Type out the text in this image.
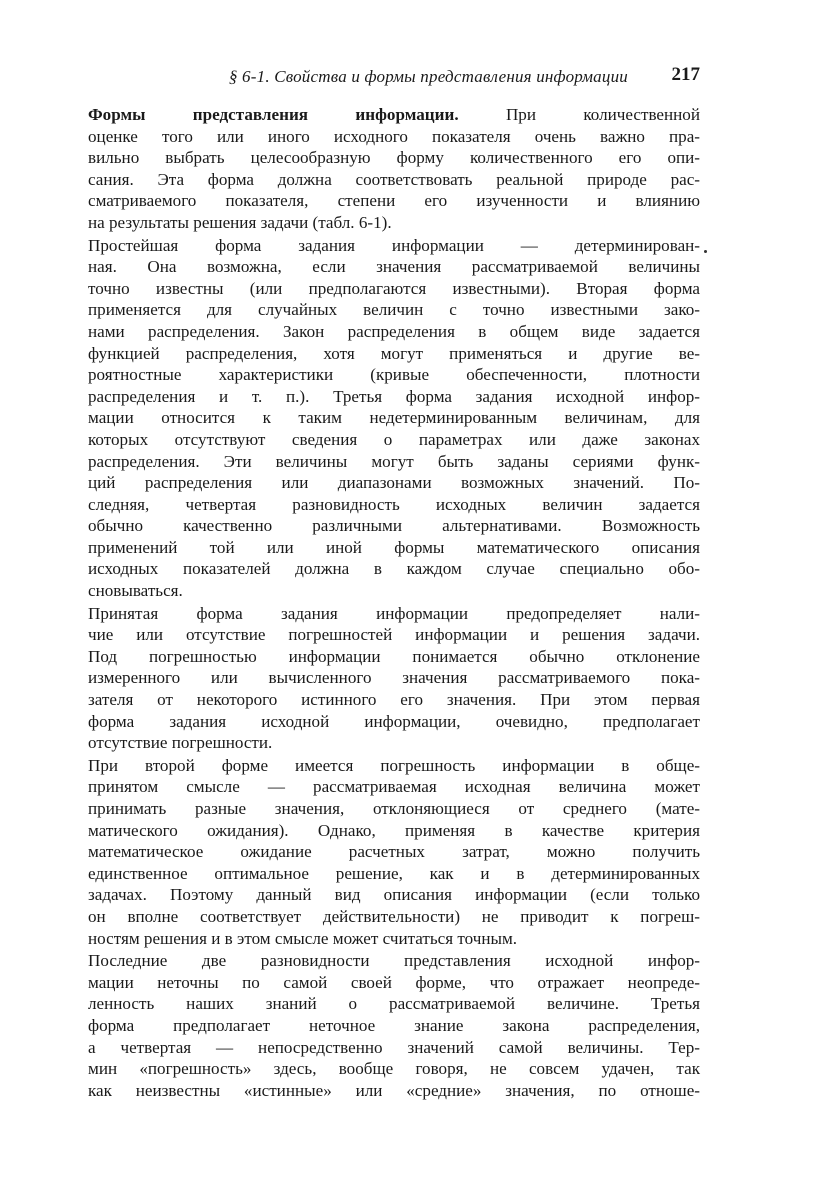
§ 6-1. Свойства и формы представления информации 217
Формы представления информации. При количественной
оценке того или иного исходного показателя очень важно пра-
вильно выбрать целесообразную форму количественного его опи-
сания. Эта форма должна соответствовать реальной природе рас-
сматриваемого показателя, степени его изученности и влиянию
на результаты решения задачи (табл. 6-1).
Простейшая форма задания информации — детерминирован-
ная. Она возможна, если значения рассматриваемой величины
точно известны (или предполагаются известными). Вторая форма
применяется для случайных величин с точно известными зако-
нами распределения. Закон распределения в общем виде задается
функцией распределения, хотя могут применяться и другие ве-
роятностные характеристики (кривые обеспеченности, плотности
распределения и т. п.). Третья форма задания исходной инфор-
мации относится к таким недетерминированным величинам, для
которых отсутствуют сведения о параметрах или даже законах
распределения. Эти величины могут быть заданы сериями функ-
ций распределения или диапазонами возможных значений. По-
следняя, четвертая разновидность исходных величин задается
обычно качественно различными альтернативами. Возможность
применений той или иной формы математического описания
исходных показателей должна в каждом случае специально обо-
сновываться.
Принятая форма задания информации предопределяет нали-
чие или отсутствие погрешностей информации и решения задачи.
Под погрешностью информации понимается обычно отклонение
измеренного или вычисленного значения рассматриваемого пока-
зателя от некоторого истинного его значения. При этом первая
форма задания исходной информации, очевидно, предполагает
отсутствие погрешности.
При второй форме имеется погрешность информации в обще-
принятом смысле — рассматриваемая исходная величина может
принимать разные значения, отклоняющиеся от среднего (мате-
матического ожидания). Однако, применяя в качестве критерия
математическое ожидание расчетных затрат, можно получить
единственное оптимальное решение, как и в детерминированных
задачах. Поэтому данный вид описания информации (если только
он вполне соответствует действительности) не приводит к погреш-
ностям решения и в этом смысле может считаться точным.
Последние две разновидности представления исходной инфор-
мации неточны по самой своей форме, что отражает неопреде-
ленность наших знаний о рассматриваемой величине. Третья
форма предполагает неточное знание закона распределения,
а четвертая — непосредственно значений самой величины. Тер-
мин «погрешность» здесь, вообще говоря, не совсем удачен, так
как неизвестны «истинные» или «средние» значения, по отноше-
